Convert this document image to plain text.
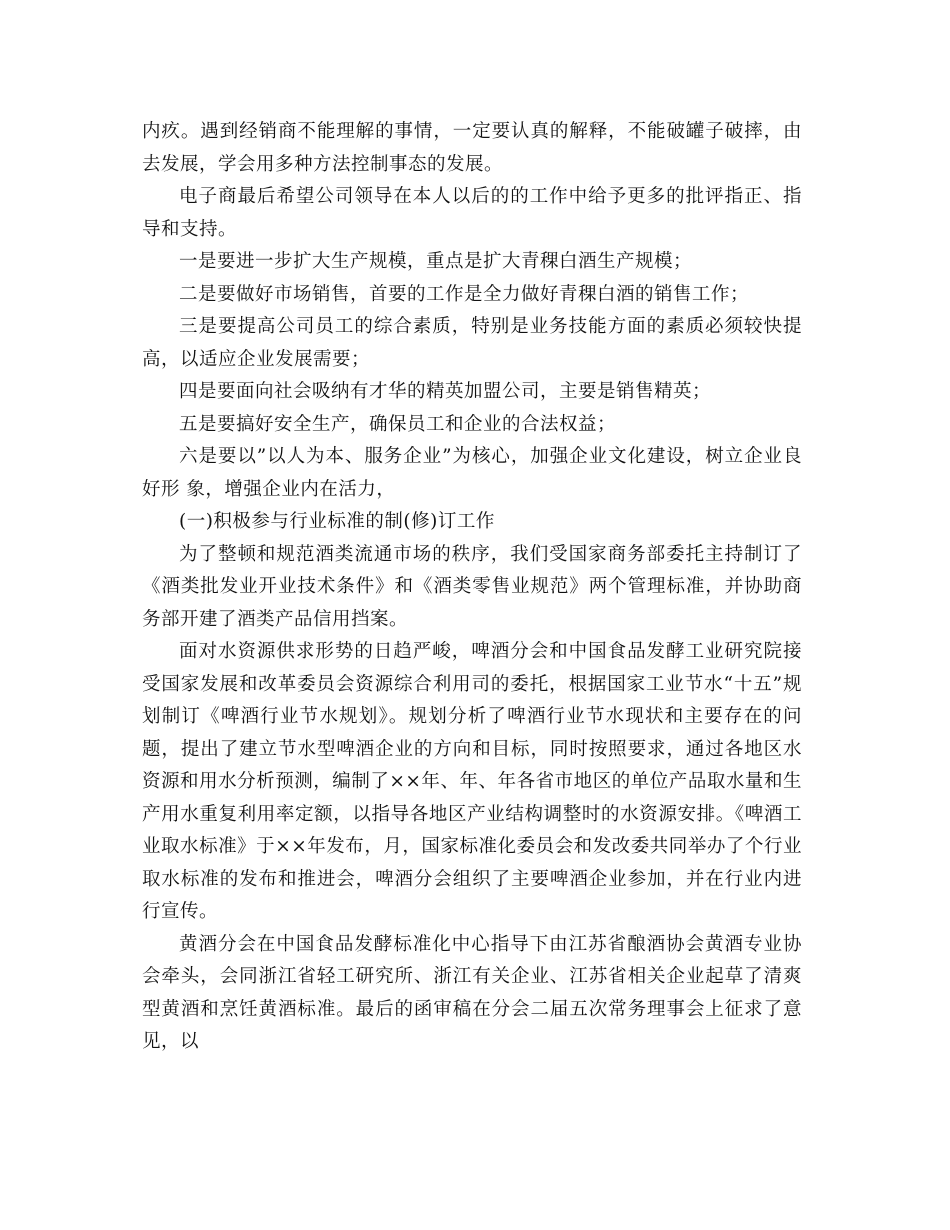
内疚。遇到经销商不能理解的事情，一定要认真的解释，不能破罐子破摔，由去发展，学会用多种方法控制事态的发展。

电子商最后希望公司领导在本人以后的的工作中给予更多的批评指正、指导和支持。

一是要进一步扩大生产规模，重点是扩大青稞白酒生产规模；

二是要做好市场销售，首要的工作是全力做好青稞白酒的销售工作；

三是要提高公司员工的综合素质，特别是业务技能方面的素质必须较快提高，以适应企业发展需要；

四是要面向社会吸纳有才华的精英加盟公司，主要是销售精英；

五是要搞好安全生产，确保员工和企业的合法权益；

六是要以”以人为本、服务企业”为核心，加强企业文化建设，树立企业良好形 象，增强企业内在活力，

(一)积极参与行业标准的制(修)订工作

为了整顿和规范酒类流通市场的秩序，我们受国家商务部委托主持制订了《酒类批发业开业技术条件》和《酒类零售业规范》两个管理标准，并协助商务部开建了酒类产品信用挡案。

面对水资源供求形势的日趋严峻，啤酒分会和中国食品发酵工业研究院接受国家发展和改革委员会资源综合利用司的委托，根据国家工业节水“十五”规划制订《啤酒行业节水规划》。规划分析了啤酒行业节水现状和主要存在的问题，提出了建立节水型啤酒企业的方向和目标，同时按照要求，通过各地区水资源和用水分析预测，编制了××年、年、年各省市地区的单位产品取水量和生产用水重复利用率定额，以指导各地区产业结构调整时的水资源安排。《啤酒工业取水标准》于××年发布，月，国家标准化委员会和发改委共同举办了个行业取水标准的发布和推进会，啤酒分会组织了主要啤酒企业参加，并在行业内进行宣传。

黄酒分会在中国食品发酵标准化中心指导下由江苏省酿酒协会黄酒专业协会牵头，会同浙江省轻工研究所、浙江有关企业、江苏省相关企业起草了清爽型黄酒和烹饪黄酒标准。最后的函审稿在分会二届五次常务理事会上征求了意见，以
